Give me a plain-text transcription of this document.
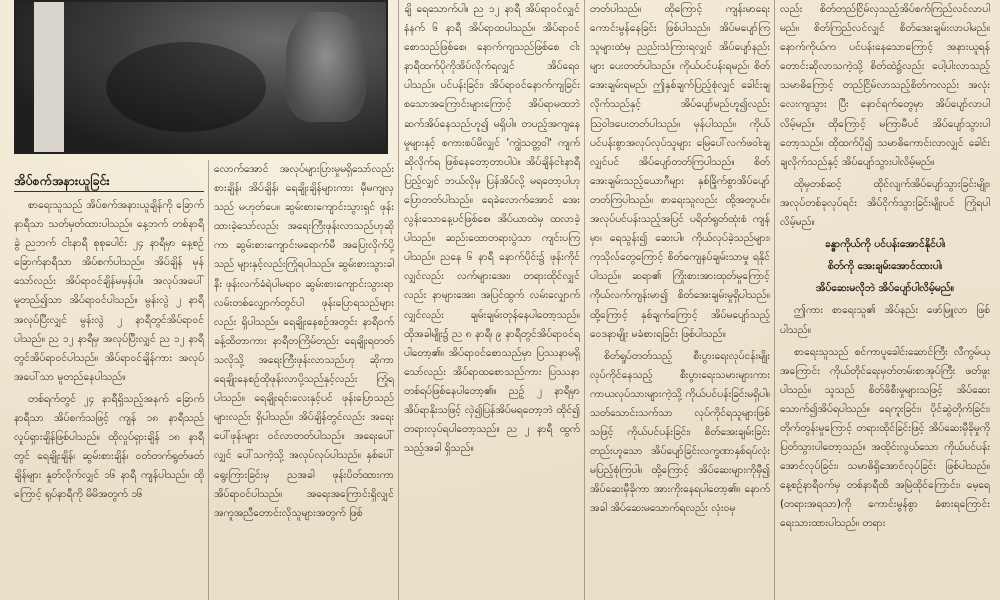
အိပ်စက်အနားယူခြင်း

စာရေးသူသည် အိပ်စက်အနားယူချိန်ကို ခြောက်နာရီသာ သတ်မှတ်ထားပါသည်။ နေ့ဘက် တစ်နာရီခွဲ ညဘက် ငါးနာရီ စုစုပေါင်း ၂၄ နာရီမှာ နေ့စဉ် ခြောက်နာရီသာ အိပ်စက်ပါသည်။ အိပ်ချိန် မှန်သော်လည်း အိပ်ရာဝင်ချိန်မမှန်ပါ။ အလုပ်အပေါ်မူတည်၍သာ အိပ်ရာဝင်ပါသည်။ မွန်းလွဲ ၂ နာရီအလုပ်ပြီးလျှင် မွန်းလွဲ ၂ နာရီတွင်အိပ်ရာဝင်ပါသည်။ ည ၁၂ နာရီမှ အလုပ်ပြီးလျှင် ည ၁၂ နာရီတွင်အိပ်ရာဝင်ပါသည်။ အိပ်ရာဝင်ချိန်ကား အလုပ်အပေါ်သာ မူတည်နေပါသည်။

တစ်ရက်တွင် ၂၄ နာရီရှိသည့်အနက် ခြောက်နာရီသာ အိပ်စက်သဖြင့် ကျန် ၁၈ နာရီသည် လှုပ်ရှားချိန်ဖြစ်ပါသည်။ ထိုလှုပ်ရှားချိန် ၁၈ နာရီတွင် ရေချိုးချိန်၊ ဆွမ်းစားချိန်၊ ဝတ်တက်ရွတ်ဖတ်ချိန်များ နှုတ်လိုက်လျှင် ၁၆ နာရီ ကျန်ပါသည်။ ထိုကြောင့် ရုပ်နာရီကို မိမိအတွက် ၁၆

လောက်အောင် အလုပ်များပြားမှုမရှိသော်လည်း စားချိန်၊ အိပ်ချိန်၊ ရေချိုးချိန်များကား မှီမကျလှသည် မဟုတ်ပေ။ ဆွမ်းစားကျောင်းသွားရှင် ဖုန်းထားခဲ့သော်လည်း အရေးကြီးဖုန်းလာသည်ဟုဆိုကာ ဆွမ်းစားကျောင်းမရောက်မီ အပြေးလိုက်ပို့သည် များနှင့်လည်းကြုံရပါသည်။ ဆွမ်းစားသွားခါနီး ဖုန်းလက်ခံရဲပါမရာဝ ဆွမ်းစားကျောင်းသွားရာ လမ်းတစ်လျှောက်တွင်ပါ ဖုန်းပြောရသည်များလည်း ရှိပါသည်။ ရေချိုးနေစဉ်အတွင်း နာရီဝက်ခန့်ထိတာကား နာရီတကြိမ်တည်း ရေချိုးရတတ်သလိုသို့ အရေးကြီးဖုန်းလာသည်ဟု ဆိုကာ ရေချိုးနေစဉ်ထိုဖုန်းလာပို့သည်နှင့်လည်း ကြုံရပါသည်။ ရေချိုးရင်းလေးနှင့်ပင် ဖုန်းပြောသည်များလည်း ရှိပါသည်။ အိပ်ချိန်တွင်လည်း အရေးပေါ်ဖုန်းများ ဝင်လာတတ်ပါသည်။ အရေးပေါ်လျှင် ပေါ်သကဲ့သို့ အလုပ်လုပ်ပါသည်။ နှစ်ပေါ်ရွေးကြားခြင်းမှ ညအခါ ဖုန်းပိတ်ထားကာ အိပ်ရာဝင်ပါသည်။ အရေးအကြောင်းရှိလျှင် အကူအညီတောင်းလိုသူများအတွက် ဖြစ်

ချိ ရေသောက်ပါ။ ည ၁၂ နာရီ အိပ်ရာဝင်လျှင် နံနက် ၆ နာရီ အိပ်ရာထပါသည်။ အိပ်ရာဝင်စောသည်ဖြစ်စေ၊ နောက်ကျသည်ဖြစ်စေ ငါးနာရီထက်ပိုကိုအိပ်လိုက်ရလျှင် အိပ်ရေဝပါသည်။ ပင်ပန်းခြင်း၊ အိပ်ရာဝင်နောက်ကျခြင်းစသောအကြောင်းများကြောင့် အိပ်ရာမထဘဲ ဆက်အိပ်နေသည်ဟူ၍ မရှိပါ။ တပည့်အကျနေမှုများနှင့် စကားစပ်မိလျှင် 'ကျွဲသတ္တဝါ' ကျက်ဆိုလိုက်ရ ဖြစ်နေတော့တာပါပဲ။ အိပ်ချိန်ငါးနာရီပြည့်လျှင် ဘယ်လိုမှ ပြန်အိပ်လို့ မရတော့ပါဟု ပြောတတ်ပါသည်။ ရေခဲလောက်အောင် အေးလွန်းသောနေ့ပင်ဖြစ်စေ၊ အိပ်ယာထဲမှ ထလာခဲ့ပါသည်။ ဆည်းထောတရားပွဲသာ ကျင်းပကြပါသည်။ ညနေ ၆ နာရီ နောက်ပိုင်း၌ ဖုန်းကိုင်လျှင်လည်း လက်များအေး၊ တရားထိုင်လျှင်လည်း နာများအေး၊ အပြင်ထွက် လမ်းလျှောက်လျှင်လည်း ချမ်းချမ်းတုန်နေပါတော့သည်။ ထိုအခါမျိုး၌ ည ၈ နာရီ၊ ၉ နာရီတွင်အိပ်ရာဝင်ရပါတော့၏။ အိပ်ရာဝင်စောသည်မှာ ပြဿနာမရှိသော်လည်း အိပ်ရာထစောသည်ကား ပြဿနာတစ်ရပ်ဖြစ်နေပါတော့၏။ ညဉ့် ၂ နာရီမှာ အိပ်ရာနိုးသဖြင့် လှဲ၍ပြန်အိပ်မရတော့ဘဲ ထိုင်၍ တရားလုပ်ရပါတော့သည်။ ည ၂ နာရီ ထွက်သည့်အခါ ရှိသည်။

တတ်ပါသည်။ ထိုကြောင့် ကျန်းမာရေး ကောင်းမွန်နေခြင်း ဖြစ်ပါသည်။ အိပ်မပျော်ကြသူများထံမှ ညည်းသံကြားရလျှင် အိပ်ပျော်နည်းများ ပေးတတ်ပါသည်။ ကိုယ်ပင်ပန်းရမည်၊ စိတ်အေးချမ်းရမည်၊ ဤနှစ်ချက်ပြည့်စုံလျှင် ခေါင်းချလိုက်သည်နှင့် အိပ်ပျော်မည်ဟူ၍လည်း ဩဝါဒပေးတတ်ပါသည်။ မှန်ပါသည်။ ကိုယ်ပင်ပန်းစွာအလုပ်လုပ်သူများ မြေပေါ်လက်ဖဝါးချလျှင်ပင် အိပ်ပျော်တတ်ကြပါသည်။ စိတ်အေးချမ်းသည့်ယောဂီများ နှစ်ခြိုက်စွာအိပ်ပျော်တတ်ကြပါသည်။ စာရေးသူလည်း ထို့အတူပင်။ အလုပ်ပင်ပန်းသည့်အပြင် ပရိတ်ရွတ်ထုံးစံ ကျန်မှာ၊ ရေသွန်း၍ ဆေးပါ။ ကိုယ်လုပ်ခဲ့သည်များ၊ ကုသိုလ်တွေကြောင့် စိတ်ကျေနပ်ချမ်းသာမှု ရနိုင်ပါသည်။ ဆရာ၏ ကြိုးစားအားထုတ်မှုကြောင့် ကိုယ်လက်ကျန်းမာ၍ စိတ်အေးချမ်းမှုရှိပါသည်။ ထို့ကြောင့် နှစ်ချက်ကြောင့် အိပ်မပျော်သည့်ဝေဒနာမျိုး မခံစားရခြင်း ဖြစ်ပါသည်။

စိတ်ရှုပ်တတ်သည့် စီးပွားရေးလုပ်ငန်းမျိုး လုပ်ကိုင်နေသည့် စီးပွားရေးသမားများကား ကာယလုပ်သားများကဲ့သို့ ကိုယ်ပင်ပန်းခြင်းမရှိပါ။ သတ်သောင်းသက်သာ လုပ်ကိုင်ရသူများဖြစ်သဖြင့် ကိုယ်ပင်ပန်းခြင်း၊ စိတ်အေးချမ်းခြင်း တည်းဟူသော အိပ်ပျော်ခြင်းလက္ခဏာနှစ်ရပ်လုံး မပြည့်စုံကြပါ။ ထို့ကြောင့် အိပ်ဆေးများကိုမှီ၍ အိပ်ဆေးမှီခိုကာ အားကိုးနေရပါတော့၏။ နောက်အခါ အိပ်ဆေးမသောက်ရလည်း လုံးဝမှ

လည်း စိတ်တည်ငြိမ်လှသည့်အိပ်စက်ကြည်လင်လာပါမည်။ စိတ်ကြည်လင်လျှင် စိတ်အေးချမ်းလာပါမည်။ နောက်ကိုယ်က ပင်ပန်းနေသောကြောင့် အနားယူရန် တောင်းဆိုလာသကဲ့သို့ စိတ်ထဲ၌လည်း ပေါ့ပါးလာသည့်သမာဓိကြောင့် တည်ငြိမ်လာသည့်စိတ်ကလည်း အလုံးလေးကျသွား ပြီး နောင်ရက်တွေမှာ အိပ်ပျော်လာပါလိမ့်မည်။ ထိုကြောင့် မကြာမီပင် အိပ်ပျော်သွားပါတော့သည်။ ထိုထက်ပို၍ သမာဓိကောင်းလာလျှင် ခေါင်းချလိုက်သည်နှင့် အိပ်ပျော်သွားပါလိမ့်မည်။

ထိုမှတစ်ဆင့် ထိုင်လျက်အိပ်ပျော်သွားခြင်းမျိုး၊ အလုပ်တစ်ခုလုပ်ရင်း အိပ်ငိုက်သွားခြင်းမျိုးပင် ကြုံရပါလိမ့်မည်။

ခန္ဓာကိုယ်ကို ပင်ပန်းအောင်နိုင်ပါ၊

စိတ်ကို အေးချမ်းအောင်ထားပါ၊

အိပ်ဆေးမလိုဘဲ အိပ်ပျော်ပါလိမ့်မည်။

ဤကား စာရေးသူ၏ အိပ်နည်း ဖော်မြူလာ ဖြစ်ပါသည်။

စာရေးသူသည် စင်ကာပူခေါင်းဆောင်ကြီး လီကွမ်ယုအကြောင်း ကိုယ်တိုင်ရေးမှတ်တမ်းစာအုပ်ကြီး ဖတ်ဖူးပါသည်။ သူသည် စိတ်ဖိစီးမှုများသဖြင့် အိပ်ဆေးသောက်၍အိပ်ရပါသည်။ ရေကူးခြင်း၊ ပိုင်ဆွဲတိုက်ခြင်း၊ တိုက်တွန်းမှုကြောင့် တရားထိုင်ခြင်းဖြင့် အိပ်ဆေးမှီခိုမှုကို ပြတ်သွားပါတော့သည်။ အထိုင်းလွယ်သော ကိုယ်ပင်ပန်းအောင်လုပ်ခြင်း၊ သမာဓိရှိအောင်လုပ်ခြင်း ဖြစ်ပါသည်။ နေ့စဉ်နာရီဝက်မှ တစ်နာရီထိ အမြဲထိုင်ကြောင်း၊ မေ့ရေ (တရားအရသာ)ကို ကောင်းမွန်စွာ ခံစားရကြောင်း ရေးသားထားပါသည်။ တရား
